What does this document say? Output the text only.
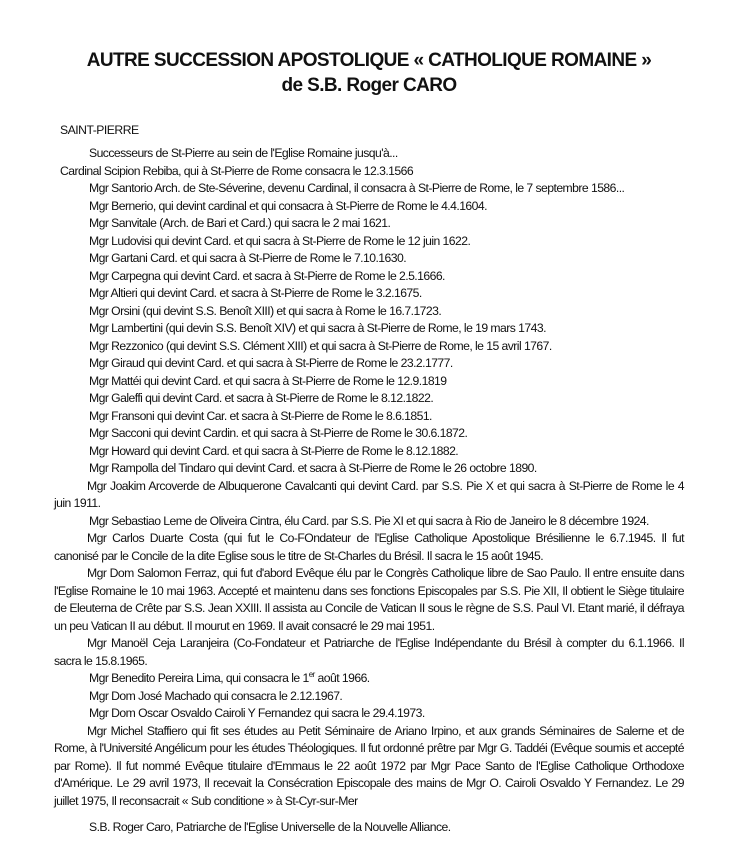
AUTRE SUCCESSION APOSTOLIQUE « CATHOLIQUE ROMAINE »
de S.B. Roger CARO
SAINT-PIERRE
Successeurs de St-Pierre au sein de l'Eglise Romaine jusqu'à...
Cardinal Scipion Rebiba, qui à St-Pierre de Rome consacra le 12.3.1566
Mgr Santorio Arch. de Ste-Séverine, devenu Cardinal, il consacra à St-Pierre de Rome, le 7 septembre 1586...
Mgr Bernerio, qui devint cardinal et qui consacra à St-Pierre de Rome le 4.4.1604.
Mgr Sanvitale (Arch. de Bari et Card.) qui sacra le 2 mai 1621.
Mgr Ludovisi qui devint Card. et qui sacra à St-Pierre de Rome le 12 juin 1622.
Mgr Gartani Card. et qui sacra à St-Pierre de Rome le 7.10.1630.
Mgr Carpegna qui devint Card. et sacra à St-Pierre de Rome le 2.5.1666.
Mgr Altieri qui devint Card. et sacra à St-Pierre de Rome le 3.2.1675.
Mgr Orsini (qui devint S.S. Benoît XIII) et qui sacra à Rome le 16.7.1723.
Mgr Lambertini (qui devin S.S. Benoît XIV) et qui sacra à St-Pierre de Rome, le 19 mars 1743.
Mgr Rezzonico (qui devint S.S. Clément XIII) et qui sacra à St-Pierre de Rome, le 15 avril 1767.
Mgr Giraud qui devint Card. et qui sacra à St-Pierre de Rome le 23.2.1777.
Mgr Mattéi qui devint Card. et qui sacra à St-Pierre de Rome le 12.9.1819
Mgr Galeffi qui devint Card. et sacra à St-Pierre de Rome le 8.12.1822.
Mgr Fransoni qui devint Car. et sacra à St-Pierre de Rome le 8.6.1851.
Mgr Sacconi qui devint Cardin. et qui sacra à St-Pierre de Rome le 30.6.1872.
Mgr Howard qui devint Card. et qui sacra à St-Pierre de Rome le 8.12.1882.
Mgr Rampolla del Tindaro qui devint Card. et sacra à St-Pierre de Rome le 26 octobre 1890.
Mgr Joakim Arcoverde de Albuquerone Cavalcanti qui devint Card. par S.S. Pie X et qui sacra à St-Pierre de Rome le 4 juin 1911.
Mgr Sebastiao Leme de Oliveira Cintra, élu Card. par S.S. Pie XI et qui sacra à Rio de Janeiro le 8 décembre 1924.
Mgr Carlos Duarte Costa (qui fut le Co-FOndateur de l'Eglise Catholique Apostolique Brésilienne le 6.7.1945. Il fut canonisé par le Concile de la dite Eglise sous le titre de St-Charles du Brésil. Il sacra le 15 août 1945.
Mgr Dom Salomon Ferraz, qui fut d'abord Evêque élu par le Congrès Catholique libre de Sao Paulo. Il entre ensuite dans l'Eglise Romaine le 10 mai 1963. Accepté et maintenu dans ses fonctions Episcopales par S.S. Pie XII, Il obtient le Siège titulaire de Eleuterna de Crête par S.S. Jean XXIII. Il assista au Concile de Vatican II sous le règne de S.S. Paul VI. Etant marié, il défraya un peu Vatican II au début. Il mourut en 1969. Il avait consacré le 29 mai 1951.
Mgr Manoël Ceja Laranjeira (Co-Fondateur et Patriarche de l'Eglise Indépendante du Brésil à compter du 6.1.1966. Il sacra le 15.8.1965.
Mgr Benedito Pereira Lima, qui consacra le 1er août 1966.
Mgr Dom José Machado qui consacra le 2.12.1967.
Mgr Dom Oscar Osvaldo Cairoli Y Fernandez qui sacra le 29.4.1973.
Mgr Michel Staffiero qui fit ses études au Petit Séminaire de Ariano Irpino, et aux grands Séminaires de Salerne et de Rome, à l'Université Angélicum pour les études Théologiques. Il fut ordonné prêtre par Mgr G. Taddéi (Evêque soumis et accepté par Rome). Il fut nommé Evêque titulaire d'Emmaus le 22 août 1972 par Mgr Pace Santo de l'Eglise Catholique Orthodoxe d'Amérique. Le 29 avril 1973, Il recevait la Consécration Episcopale des mains de Mgr O. Cairoli Osvaldo Y Fernandez. Le 29 juillet 1975, Il reconsacrait « Sub conditione » à St-Cyr-sur-Mer
S.B. Roger Caro, Patriarche de l'Eglise Universelle de la Nouvelle Alliance.
